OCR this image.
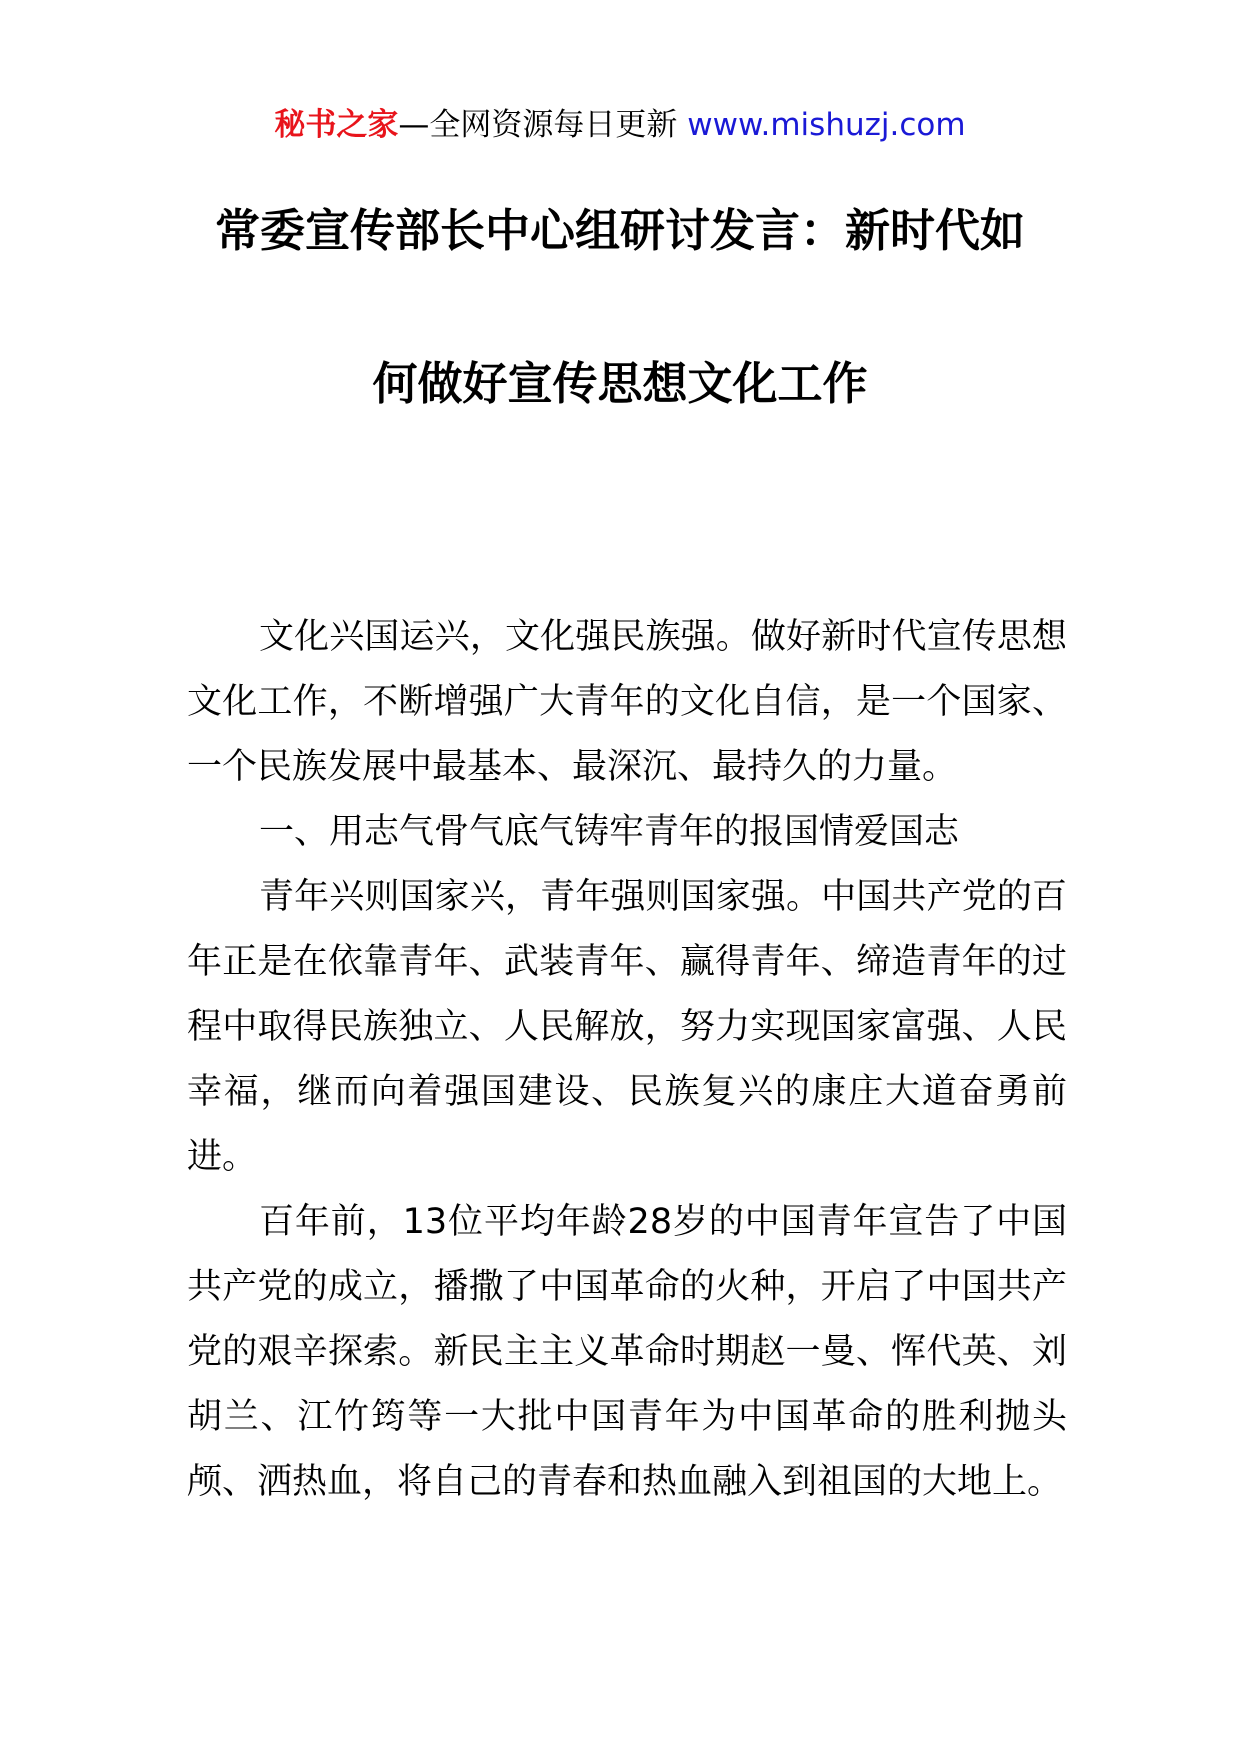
秘书之家—全网资源每日更新 www.mishuzj.com
常委宣传部长中心组研讨发言：新时代如
何做好宣传思想文化工作

文化兴国运兴，文化强民族强。做好新时代宣传思想文化工作，不断增强广大青年的文化自信，是一个国家、一个民族发展中最基本、最深沉、最持久的力量。

一、用志气骨气底气铸牢青年的报国情爱国志

青年兴则国家兴，青年强则国家强。中国共产党的百年正是在依靠青年、武装青年、赢得青年、缔造青年的过程中取得民族独立、人民解放，努力实现国家富强、人民幸福，继而向着强国建设、民族复兴的康庄大道奋勇前进。

百年前，13位平均年龄28岁的中国青年宣告了中国共产党的成立，播撒了中国革命的火种，开启了中国共产党的艰辛探索。新民主主义革命时期赵一曼、恽代英、刘胡兰、江竹筠等一大批中国青年为中国革命的胜利抛头颅、洒热血，将自己的青春和热血融入到祖国的大地上。
